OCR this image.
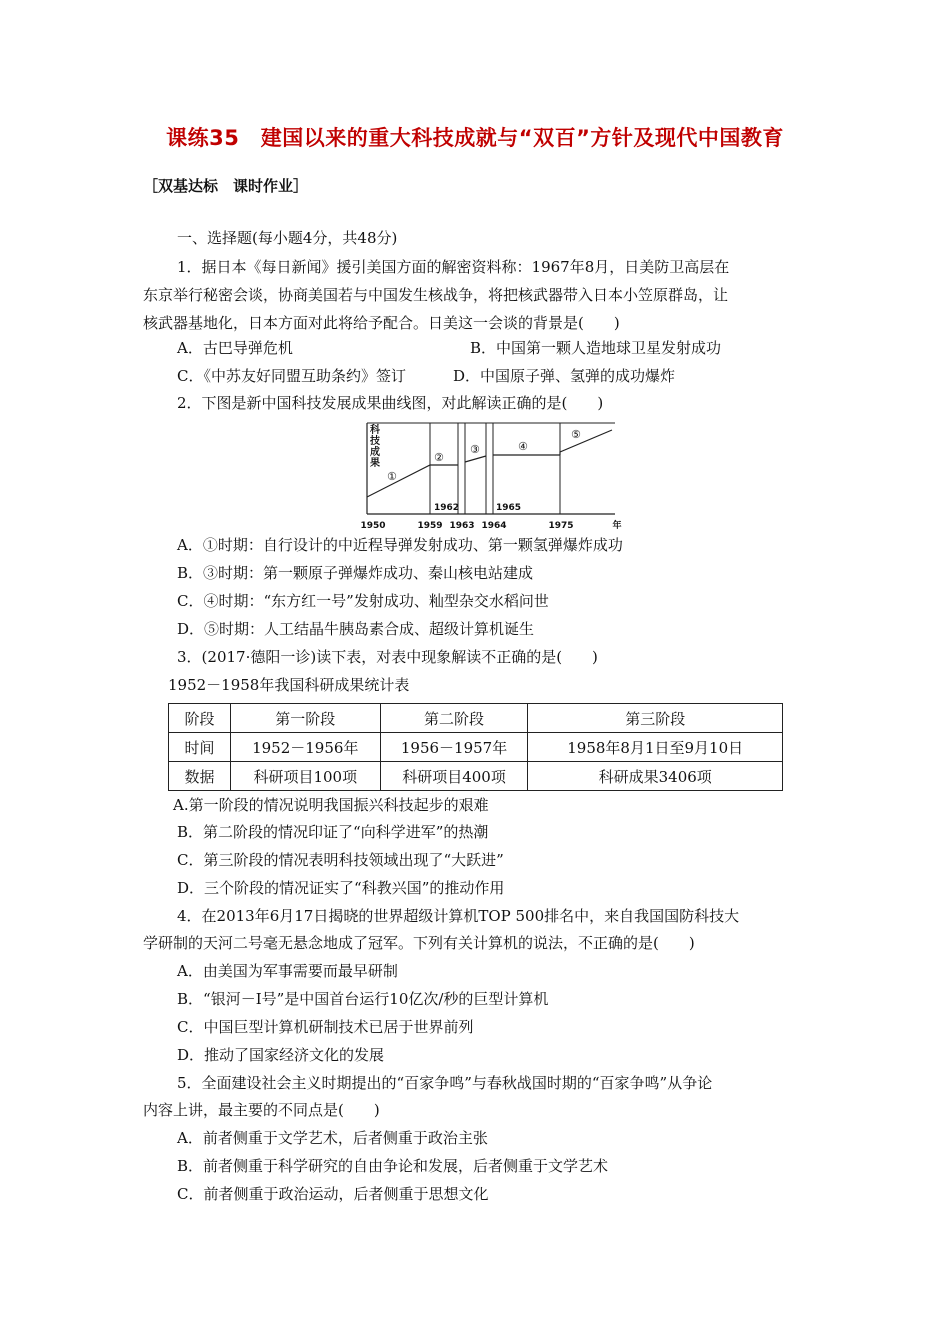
课练35　建国以来的重大科技成就与“双百”方针及现代中国教育
［双基达标　课时作业］
一、选择题(每小题4分，共48分)
1．据日本《每日新闻》援引美国方面的解密资料称：1967年8月，日美防卫高层在
东京举行秘密会谈，协商美国若与中国发生核战争，将把核武器带入日本小笠原群岛，让
核武器基地化，日本方面对此将给予配合。日美这一会谈的背景是(　　)
A．古巴导弹危机	B．中国第一颗人造地球卫星发射成功
C．《中苏友好同盟互助条约》签订	D．中国原子弹、氢弹的成功爆炸
2．下图是新中国科技发展成果曲线图，对此解读正确的是(　　)
科
技
成
果
①
②
③	④
⑤
1962	1965
1950	1959 1963 1964	1975	年
A．①时期：自行设计的中近程导弹发射成功、第一颗氢弹爆炸成功
B．③时期：第一颗原子弹爆炸成功、秦山核电站建成
C．④时期：“东方红一号”发射成功、籼型杂交水稻问世
D．⑤时期：人工结晶牛胰岛素合成、超级计算机诞生
3．(2017·德阳一诊)读下表，对表中现象解读不正确的是(　　)
1952－1958年我国科研成果统计表
阶段	第一阶段	第二阶段	第三阶段
时间	1952－1956年	1956－1957年	1958年8月1日至9月10日
数据	科研项目100项	科研项目400项	科研成果3406项
A.第一阶段的情况说明我国振兴科技起步的艰难
B．第二阶段的情况印证了“向科学进军”的热潮
C．第三阶段的情况表明科技领域出现了“大跃进”
D．三个阶段的情况证实了“科教兴国”的推动作用
4．在2013年6月17日揭晓的世界超级计算机TOP 500排名中，来自我国国防科技大
学研制的天河二号毫无悬念地成了冠军。下列有关计算机的说法，不正确的是(　　)
A．由美国为军事需要而最早研制
B．“银河－Ⅰ号”是中国首台运行10亿次/秒的巨型计算机
C．中国巨型计算机研制技术已居于世界前列
D．推动了国家经济文化的发展
5．全面建设社会主义时期提出的“百家争鸣”与春秋战国时期的“百家争鸣”从争论
内容上讲，最主要的不同点是(　　)
A．前者侧重于文学艺术，后者侧重于政治主张
B．前者侧重于科学研究的自由争论和发展，后者侧重于文学艺术
C．前者侧重于政治运动，后者侧重于思想文化
